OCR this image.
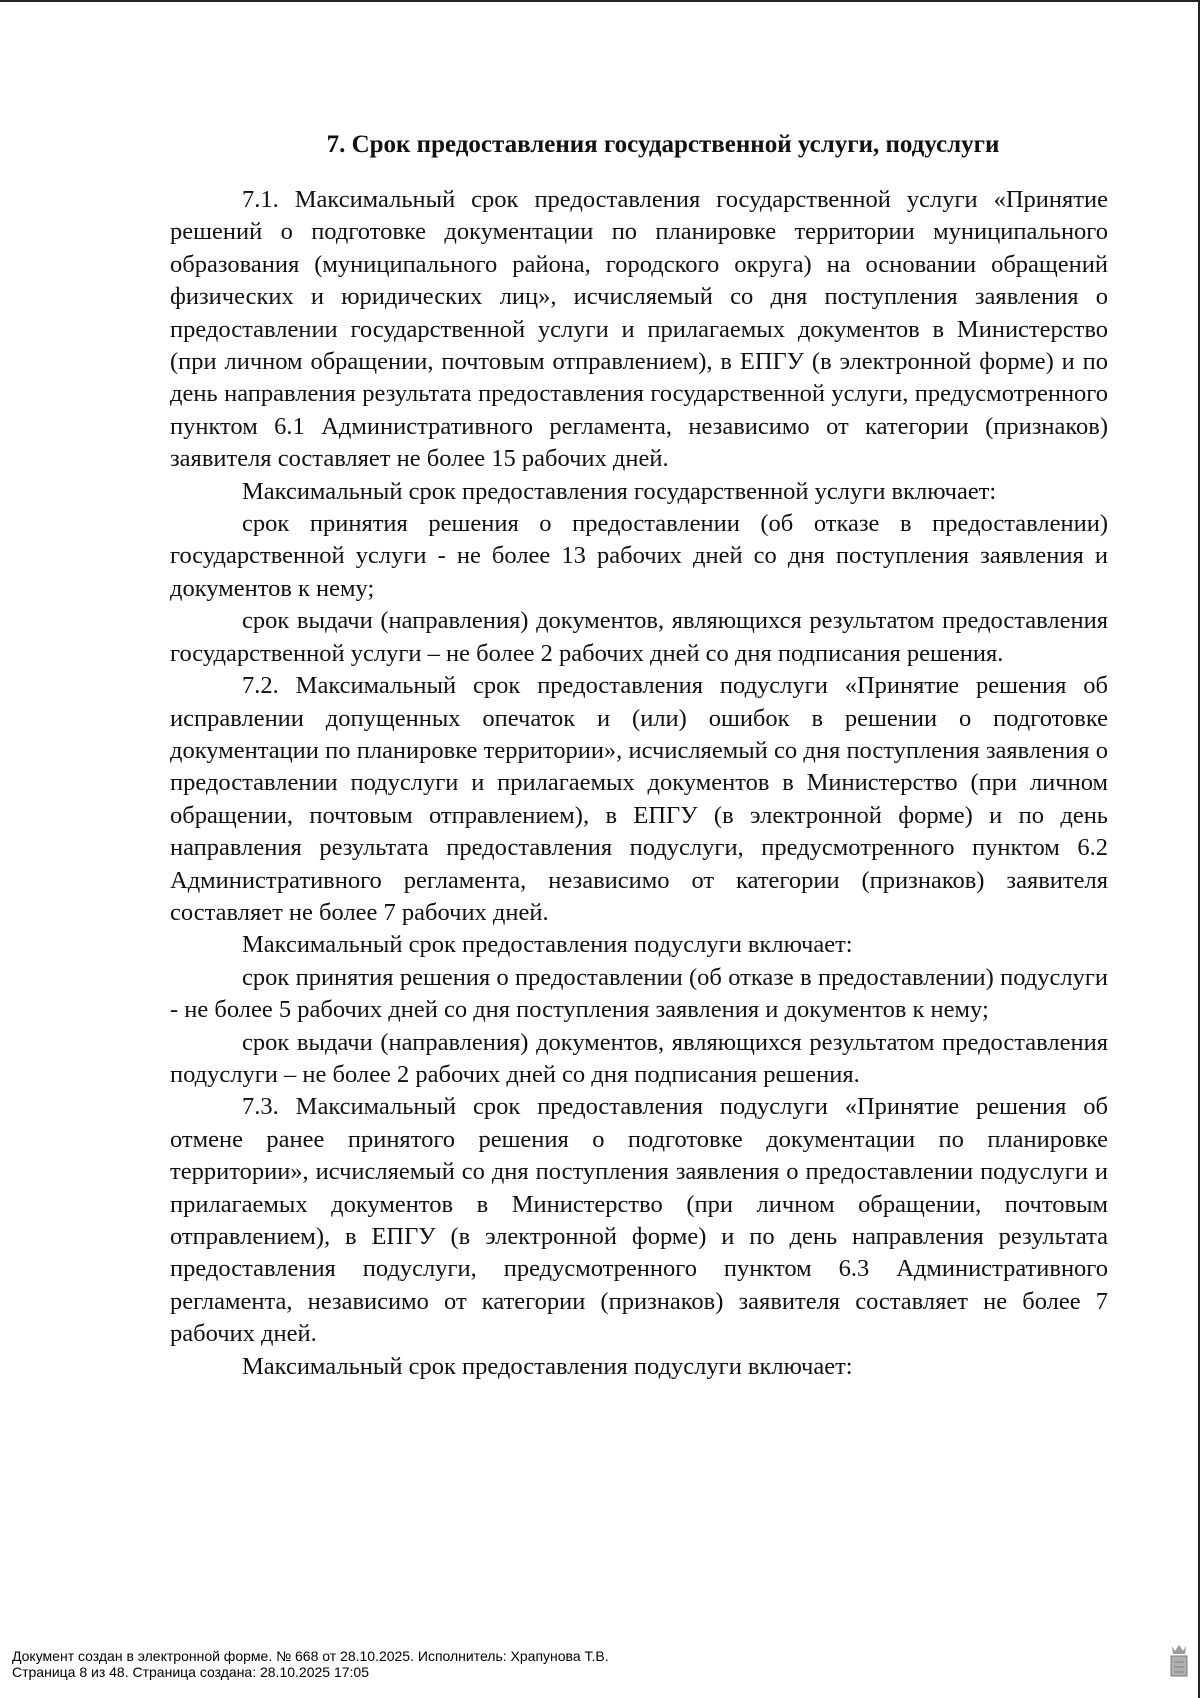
7. Срок предоставления государственной услуги, подуслуги

7.1. Максимальный срок предоставления государственной услуги «Принятие решений о подготовке документации по планировке территории муниципального образования (муниципального района, городского округа) на основании обращений физических и юридических лиц», исчисляемый со дня поступления заявления о предоставлении государственной услуги и прилагаемых документов в Министерство (при личном обращении, почтовым отправлением), в ЕПГУ (в электронной форме) и по день направления результата предоставления государственной услуги, предусмотренного пунктом 6.1 Административного регламента, независимо от категории (признаков) заявителя составляет не более 15 рабочих дней.

Максимальный срок предоставления государственной услуги включает:

срок принятия решения о предоставлении (об отказе в предоставлении) государственной услуги - не более 13 рабочих дней со дня поступления заявления и документов к нему;

срок выдачи (направления) документов, являющихся результатом предоставления государственной услуги – не более 2 рабочих дней со дня подписания решения.

7.2. Максимальный срок предоставления подуслуги «Принятие решения об исправлении допущенных опечаток и (или) ошибок в решении о подготовке документации по планировке территории», исчисляемый со дня поступления заявления о предоставлении подуслуги и прилагаемых документов в Министерство (при личном обращении, почтовым отправлением), в ЕПГУ (в электронной форме) и по день направления результата предоставления подуслуги, предусмотренного пунктом 6.2 Административного регламента, независимо от категории (признаков) заявителя составляет не более 7 рабочих дней.

Максимальный срок предоставления подуслуги включает:

срок принятия решения о предоставлении (об отказе в предоставлении) подуслуги - не более 5 рабочих дней со дня поступления заявления и документов к нему;

срок выдачи (направления) документов, являющихся результатом предоставления подуслуги – не более 2 рабочих дней со дня подписания решения.

7.3. Максимальный срок предоставления подуслуги «Принятие решения об отмене ранее принятого решения о подготовке документации по планировке территории», исчисляемый со дня поступления заявления о предоставлении подуслуги и прилагаемых документов в Министерство (при личном обращении, почтовым отправлением), в ЕПГУ (в электронной форме) и по день направления результата предоставления подуслуги, предусмотренного пунктом 6.3 Административного регламента, независимо от категории (признаков) заявителя составляет не более 7 рабочих дней.

Максимальный срок предоставления подуслуги включает:

Документ создан в электронной форме. № 668 от 28.10.2025. Исполнитель: Храпунова Т.В.
Страница 8 из 48. Страница создана: 28.10.2025 17:05
